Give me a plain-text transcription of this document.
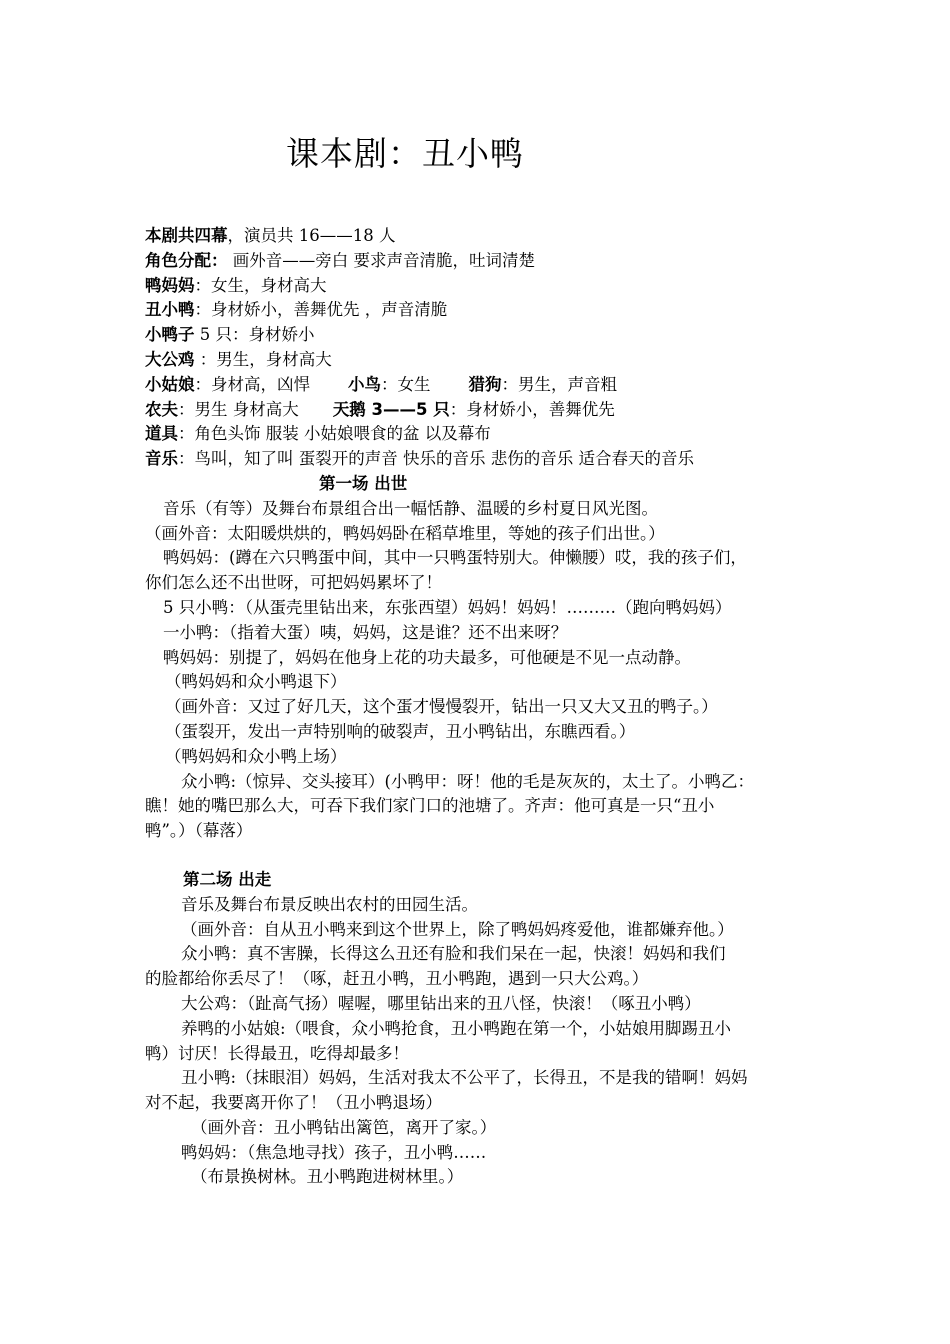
课本剧：丑小鸭
本剧共四幕，演员共 16——18 人
角色分配： 画外音——旁白 要求声音清脆，吐词清楚
鸭妈妈：女生，身材高大
丑小鸭：身材娇小，善舞优先 ，声音清脆
小鸭子 5 只：身材娇小
大公鸡 ：男生，身材高大
小姑娘：身材高，凶悍 小鸟：女生 猎狗：男生，声音粗
农夫：男生 身材高大 天鹅 3——5 只：身材娇小，善舞优先
道具：角色头饰 服装 小姑娘喂食的盆 以及幕布
音乐：鸟叫，知了叫 蛋裂开的声音 快乐的音乐 悲伤的音乐 适合春天的音乐
第一场 出世
音乐（有等）及舞台布景组合出一幅恬静、温暖的乡村夏日风光图。
（画外音：太阳暖烘烘的，鸭妈妈卧在稻草堆里，等她的孩子们出世。）
鸭妈妈：(蹲在六只鸭蛋中间，其中一只鸭蛋特别大。伸懒腰）哎，我的孩子们，
你们怎么还不出世呀，可把妈妈累坏了！
5 只小鸭：（从蛋壳里钻出来，东张西望）妈妈！妈妈！………（跑向鸭妈妈）
一小鸭：（指着大蛋）咦，妈妈，这是谁？还不出来呀？
鸭妈妈：别提了，妈妈在他身上花的功夫最多，可他硬是不见一点动静。
（鸭妈妈和众小鸭退下）
（画外音：又过了好几天，这个蛋才慢慢裂开，钻出一只又大又丑的鸭子。）
（蛋裂开，发出一声特别响的破裂声，丑小鸭钻出，东瞧西看。）
（鸭妈妈和众小鸭上场）
众小鸭:（惊异、交头接耳）(小鸭甲：呀！他的毛是灰灰的，太土了。小鸭乙：
瞧！她的嘴巴那么大，可吞下我们家门口的池塘了。齐声：他可真是一只“丑小
鸭”。）（幕落）
第二场 出走
音乐及舞台布景反映出农村的田园生活。
（画外音：自从丑小鸭来到这个世界上，除了鸭妈妈疼爱他，谁都嫌弃他。）
众小鸭：真不害臊，长得这么丑还有脸和我们呆在一起，快滚！妈妈和我们
的脸都给你丢尽了！（啄，赶丑小鸭，丑小鸭跑，遇到一只大公鸡。）
大公鸡：（趾高气扬）喔喔，哪里钻出来的丑八怪，快滚！（啄丑小鸭）
养鸭的小姑娘:（喂食，众小鸭抢食，丑小鸭跑在第一个，小姑娘用脚踢丑小
鸭）讨厌！长得最丑，吃得却最多！
丑小鸭:（抹眼泪）妈妈，生活对我太不公平了，长得丑，不是我的错啊！妈妈
对不起，我要离开你了！（丑小鸭退场）
（画外音：丑小鸭钻出篱笆，离开了家。）
鸭妈妈：（焦急地寻找）孩子，丑小鸭……
（布景换树林。丑小鸭跑进树林里。）
